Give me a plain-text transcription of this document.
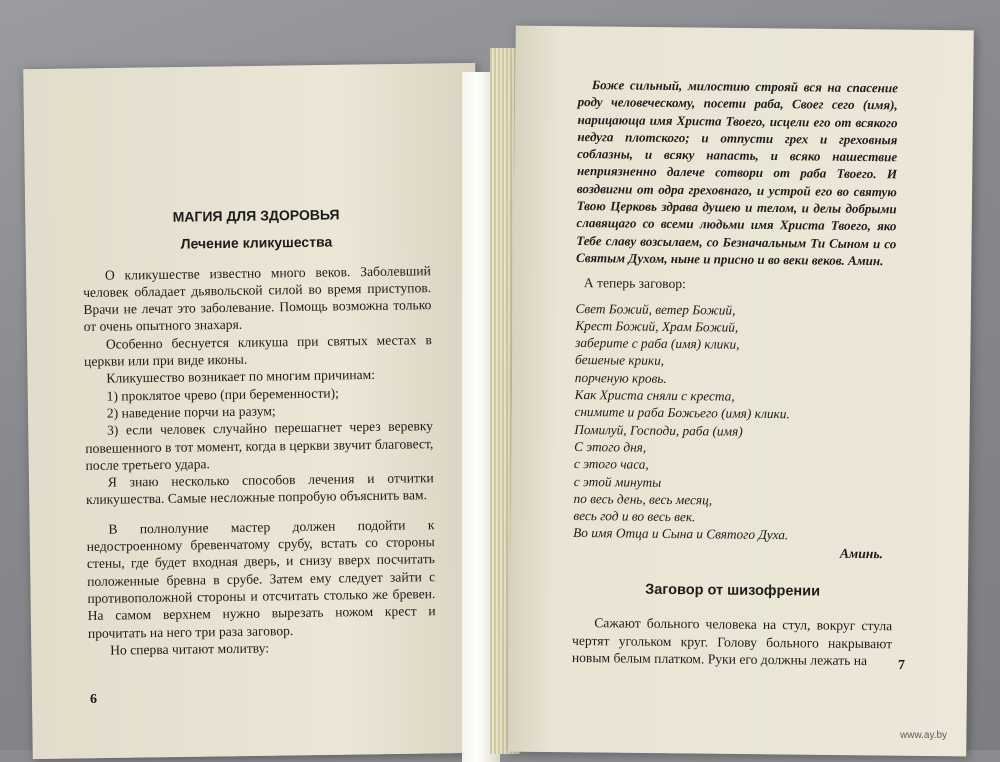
МАГИЯ ДЛЯ ЗДОРОВЬЯ
Лечение кликушества

О кликушестве известно много веков. Заболевший человек обладает дьявольской силой во время приступов. Врачи не лечат это заболевание. Помощь возможна только от очень опытного знахаря.

Особенно беснуется кликуша при святых местах в церкви или при виде иконы.

Кликушество возникает по многим причинам:

1) проклятое чрево (при беременности);

2) наведение порчи на разум;

3) если человек случайно перешагнет через веревку повешенного в тот момент, когда в церкви звучит благовест, после третьего удара.

Я знаю несколько способов лечения и отчитки кликушества. Самые несложные попробую объяснить вам.

В полнолуние мастер должен подойти к недостроенному бревенчатому срубу, встать со стороны стены, где будет входная дверь, и снизу вверх посчитать положенные бревна в срубе. Затем ему следует зайти с противоположной стороны и отсчитать столько же бревен. На самом верхнем нужно вырезать ножом крест и прочитать на него три раза заговор.

Но сперва читают молитву:

6

Боже сильный, милостию строяй вся на спасение роду человеческому, посети раба, Своег сего (имя), нарицающа имя Христа Твоего, исцели его от всякого недуга плотского; и отпусти грех и греховныя соблазны, и всяку напасть, и всяко нашествие неприязненно далече сотвори от раба Твоего. И воздвигни от одра греховнаго, и устрой его во святую Твою Церковь здрава душею и телом, и делы добрыми славящаго со всеми людьми имя Христа Твоего, яко Тебе славу возсылаем, со Безначальным Ти Сыном и со Святым Духом, ныне и присно и во веки веков. Амин.

А теперь заговор:

Свет Божий, ветер Божий,

Крест Божий, Храм Божий,

заберите с раба (имя) клики,

бешеные крики,

порченую кровь.

Как Христа сняли с креста,

снимите и раба Божьего (имя) клики.

Помилуй, Господи, раба (имя)

С этого дня,

с этого часа,

с этой минуты

по весь день, весь месяц,

весь год и во весь век.

Во имя Отца и Сына и Святого Духа.

Аминь.

Заговор от шизофрении

Сажают больного человека на стул, вокруг стула чертят угольком круг. Голову больного накрывают новым белым платком. Руки его должны лежать на	7
www.ay.by
